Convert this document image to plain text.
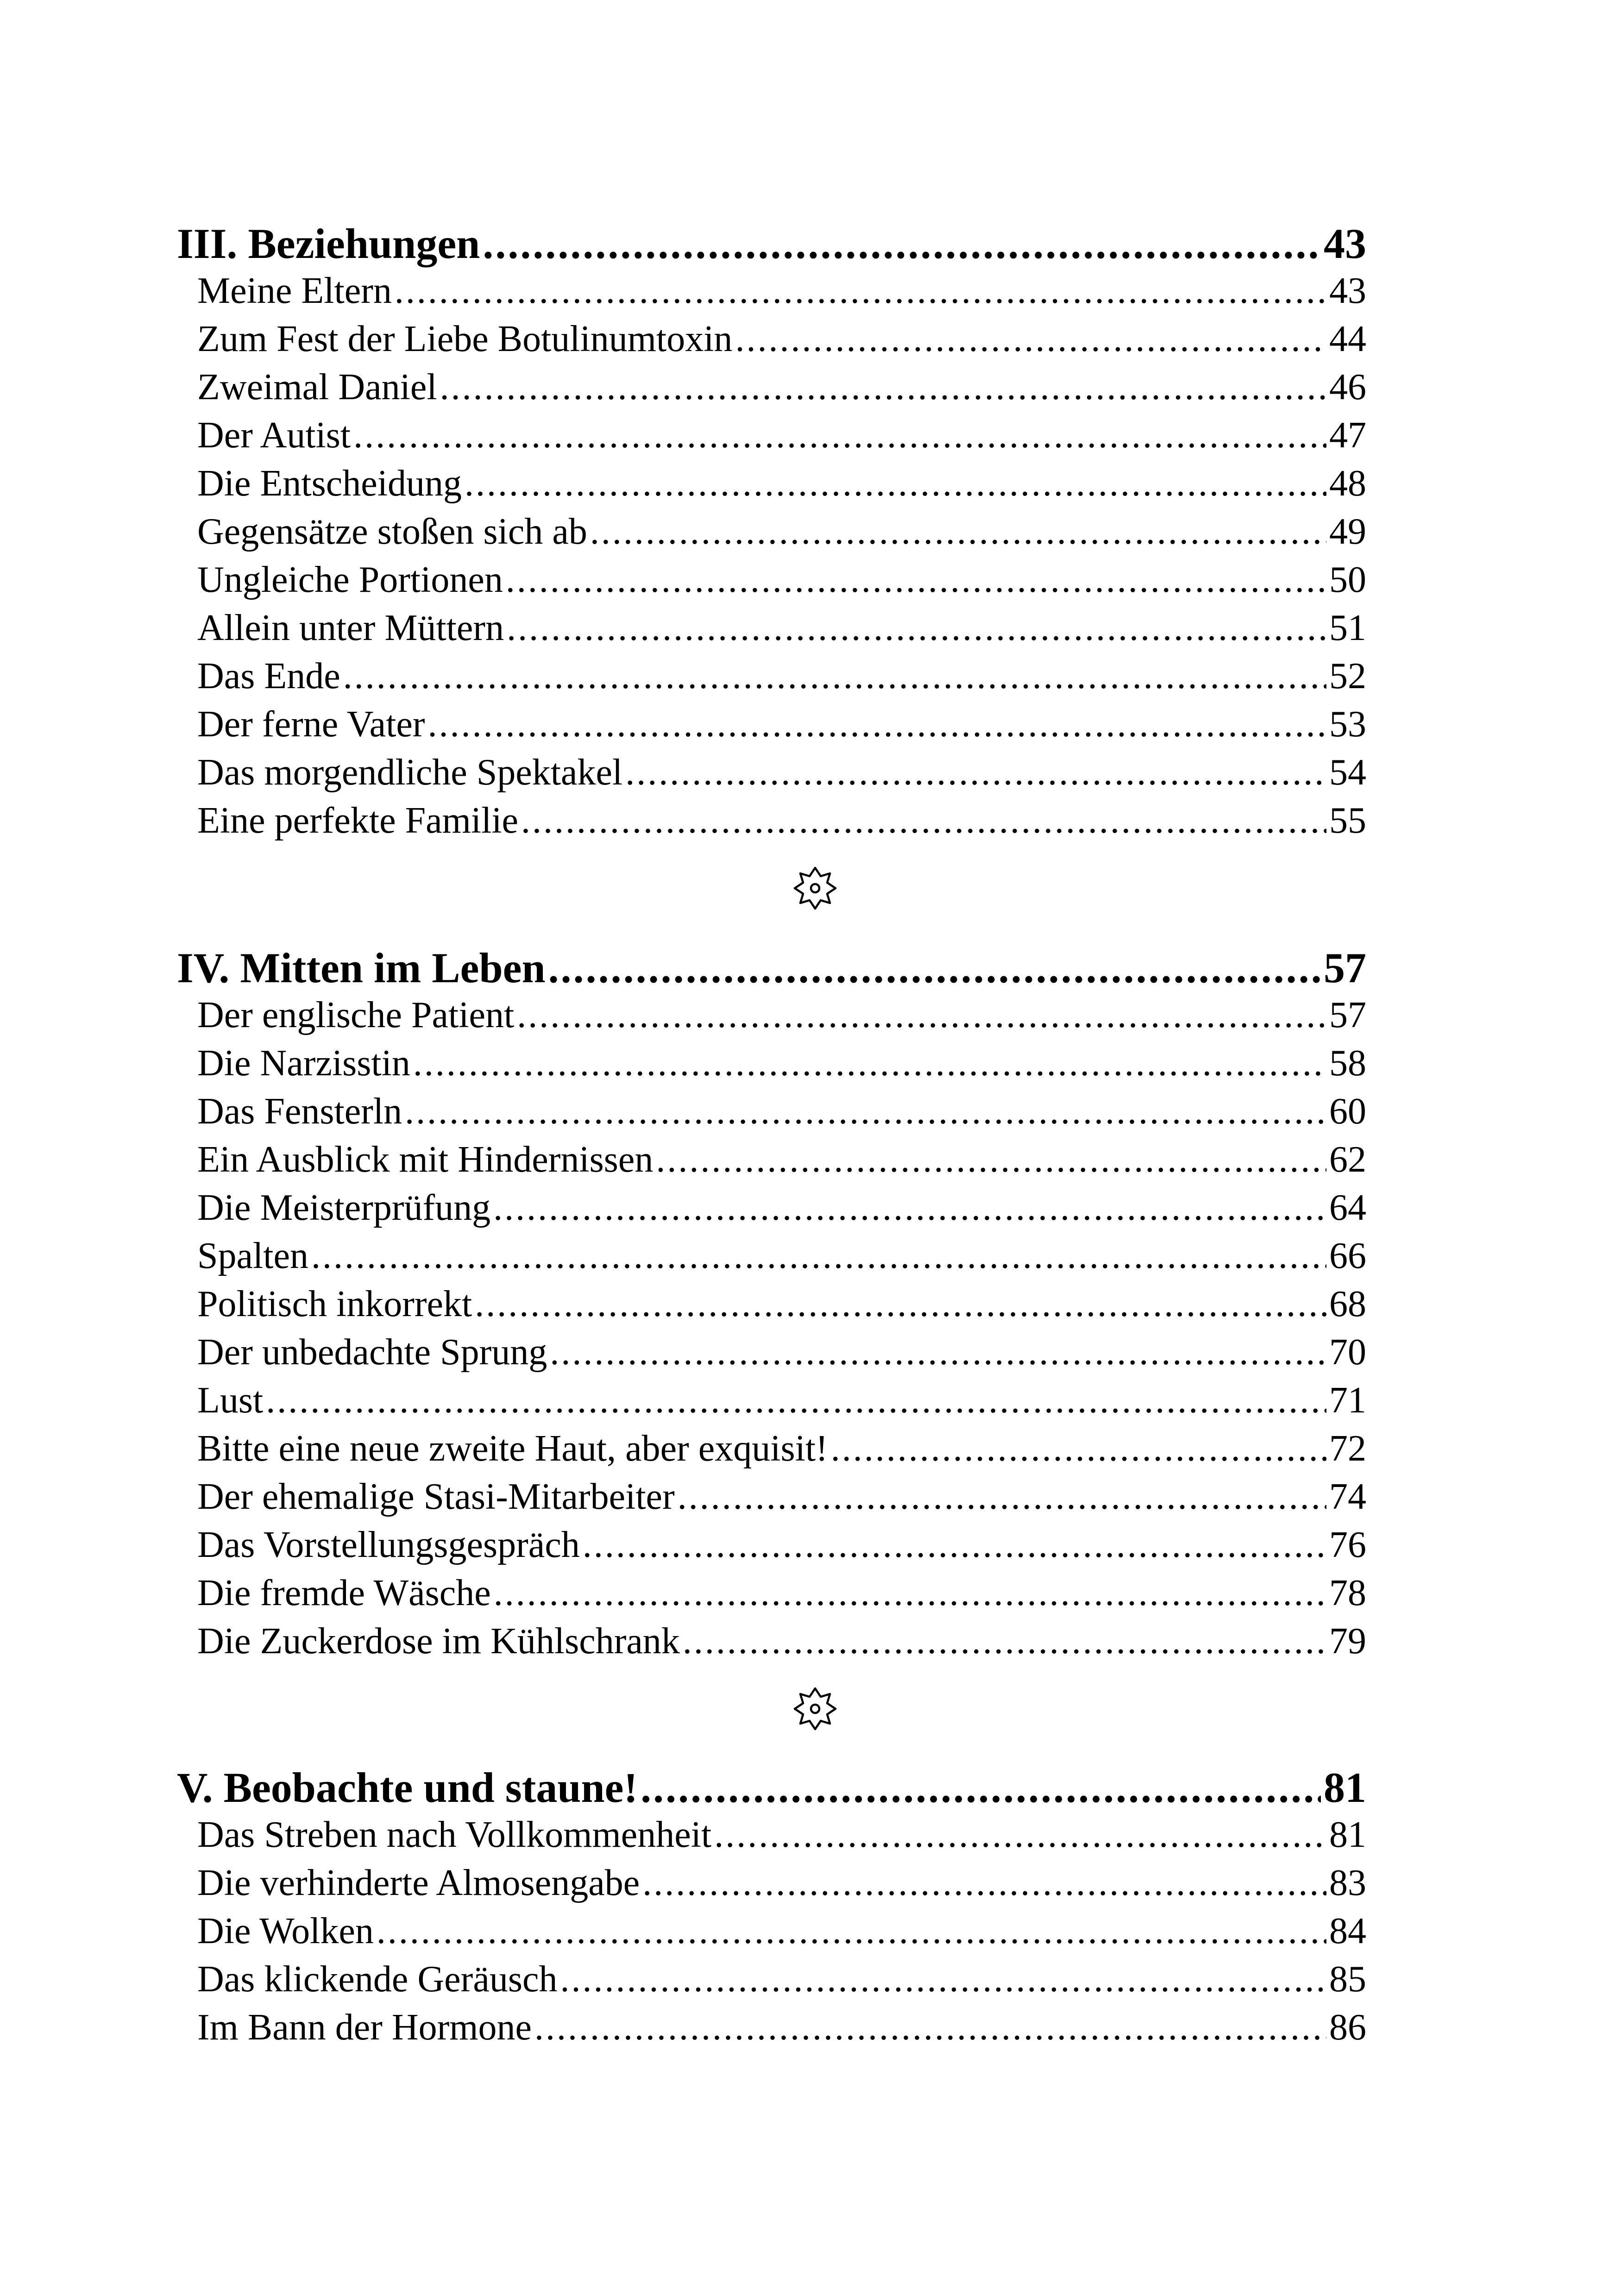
III. Beziehungen .....	43
Meine Eltern .....	43
Zum Fest der Liebe Botulinumtoxin .....	44
Zweimal Daniel .....	46
Der Autist .....	47
Die Entscheidung .....	48
Gegensätze stoßen sich ab .....	49
Ungleiche Portionen .....	50
Allein unter Müttern .....	51
Das Ende .....	52
Der ferne Vater .....	53
Das morgendliche Spektakel .....	54
Eine perfekte Familie .....	55
IV. Mitten im Leben .....	57
Der englische Patient .....	57
Die Narzisstin .....	58
Das Fensterln .....	60
Ein Ausblick mit Hindernissen .....	62
Die Meisterprüfung .....	64
Spalten .....	66
Politisch inkorrekt .....	68
Der unbedachte Sprung .....	70
Lust .....	71
Bitte eine neue zweite Haut, aber exquisit! .....	72
Der ehemalige Stasi-Mitarbeiter .....	74
Das Vorstellungsgespräch .....	76
Die fremde Wäsche .....	78
Die Zuckerdose im Kühlschrank .....	79
V. Beobachte und staune! .....	81
Das Streben nach Vollkommenheit .....	81
Die verhinderte Almosengabe .....	83
Die Wolken .....	84
Das klickende Geräusch .....	85
Im Bann der Hormone .....	86
